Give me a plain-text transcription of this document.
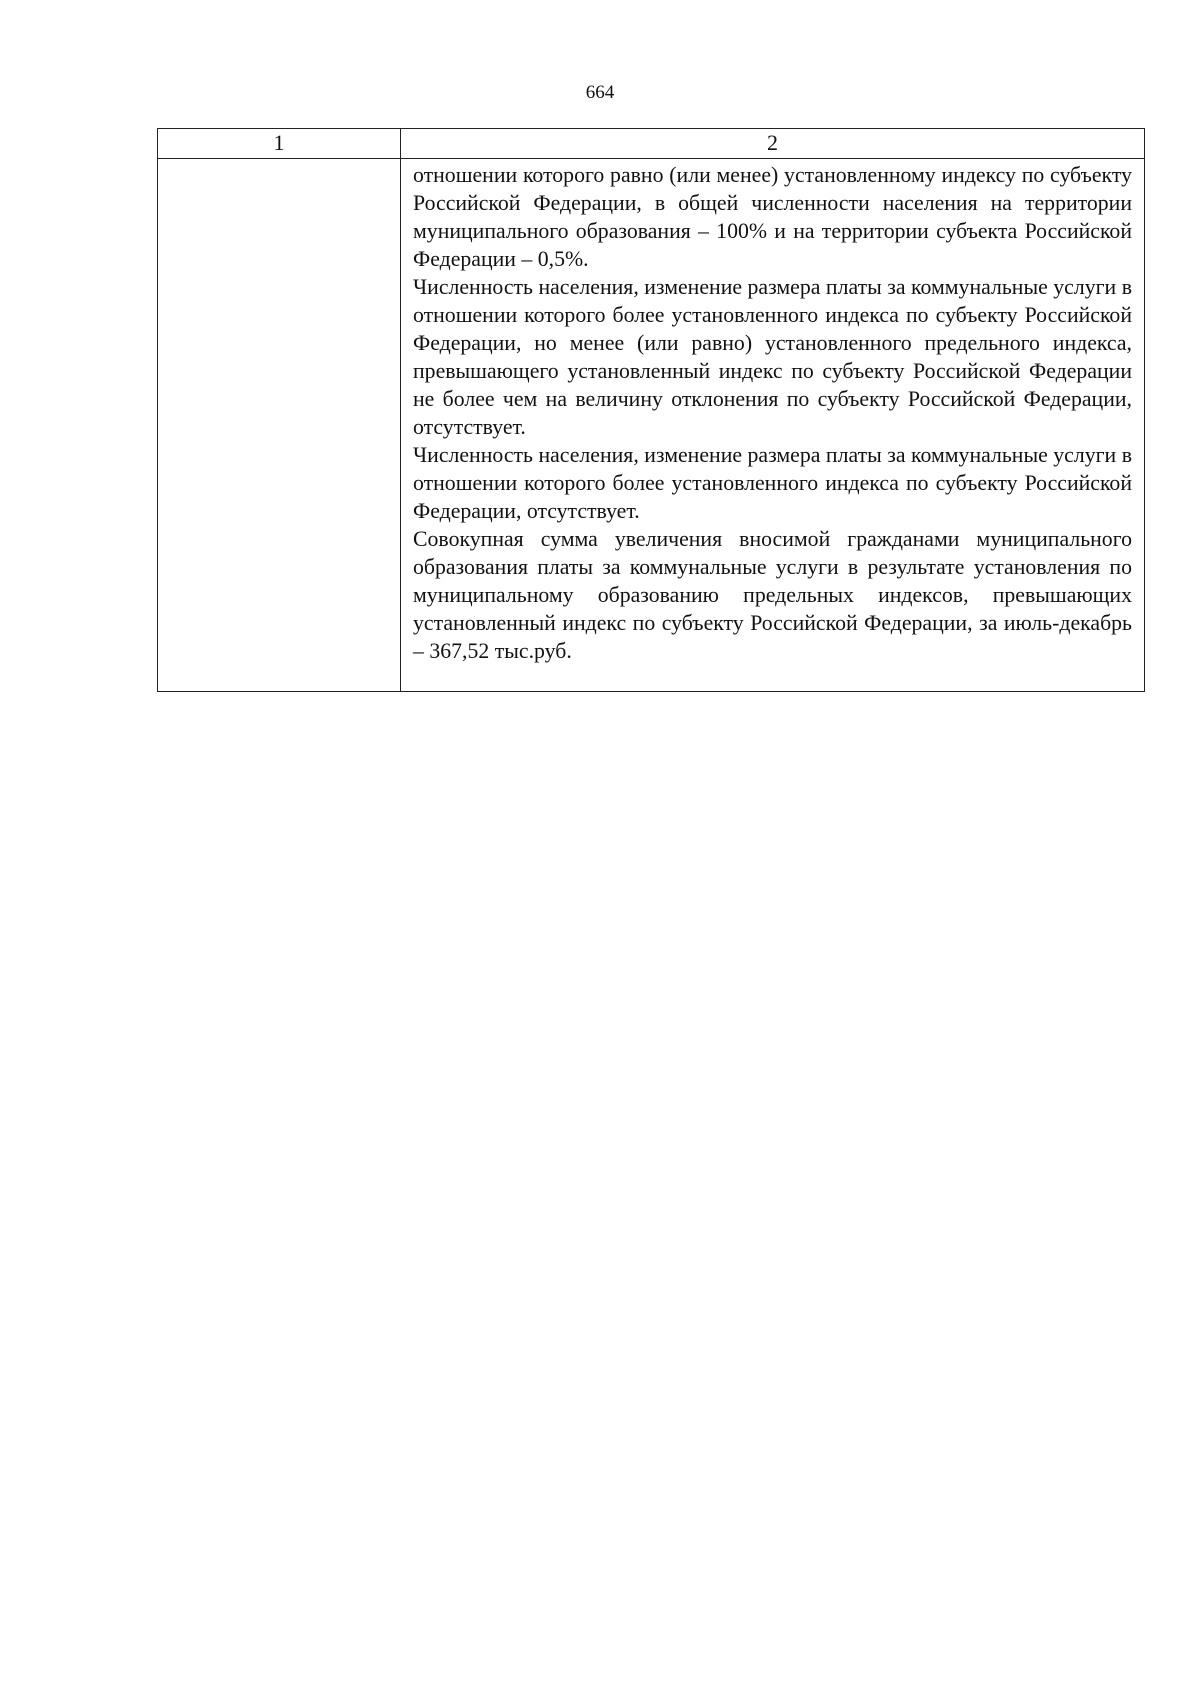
664
1	2

	отношении которого равно (или менее) установленному индексу по субъекту Российской Федерации, в общей численности населения на территории муниципального образования – 100% и на территории субъекта Российской Федерации – 0,5%.

Численность населения, изменение размера платы за коммунальные услуги в отношении которого более установленного индекса по субъекту Российской Федерации, но менее (или равно) установленного предельного индекса, превышающего установленный индекс по субъекту Российской Федерации не более чем на величину отклонения по субъекту Российской Федерации, отсутствует.

Численность населения, изменение размера платы за коммунальные услуги в отношении которого более установленного индекса по субъекту Российской Федерации, отсутствует.

Совокупная сумма увеличения вносимой гражданами муниципального образования платы за коммунальные услуги в результате установления по муниципальному образованию предельных индексов, превышающих установленный индекс по субъекту Российской Федерации, за июль-декабрь – 367,52 тыс.руб.
